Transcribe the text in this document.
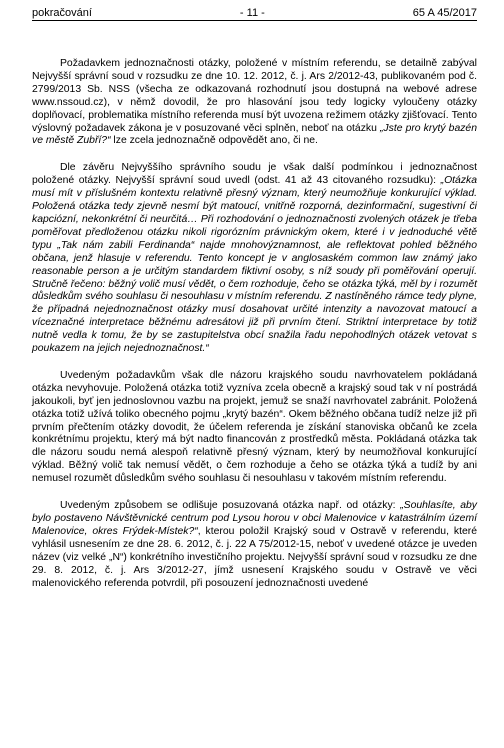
pokračování	- 11 -	65 A 45/2017

Požadavkem jednoznačnosti otázky, položené v místním referendu, se detailně zabýval Nejvyšší správní soud v rozsudku ze dne 10. 12. 2012, č. j. Ars 2/2012-43, publikovaném pod č. 2799/2013 Sb. NSS (všecha ze odkazovaná rozhodnutí jsou dostupná na webové adrese www.nssoud.cz), v němž dovodil, že pro hlasování jsou tedy logicky vyloučeny otázky doplňovací, problematika místního referenda musí být uvozena režimem otázky zjišťovací. Tento výslovný požadavek zákona je v posuzované věci splněn, neboť na otázku „Jste pro krytý bazén ve městě Zubří?“ lze zcela jednoznačně odpovědět ano, či ne.

Dle závěru Nejvyššího správního soudu je však další podmínkou i jednoznačnost položené otázky. Nejvyšší správní soud uvedl (odst. 41 až 43 citovaného rozsudku): „Otázka musí mít v příslušném kontextu relativně přesný význam, který neumožňuje konkurující výklad. Položená otázka tedy zjevně nesmí být matoucí, vnitřně rozporná, dezinformační, sugestivní či kapciózní, nekonkrétní či neurčitá… Při rozhodování o jednoznačnosti zvolených otázek je třeba poměřovat předloženou otázku nikoli rigorózním právnickým okem, které i v jednoduché větě typu „Tak nám zabili Ferdinanda“ najde mnohovýznamnost, ale reflektovat pohled běžného občana, jenž hlasuje v referendu. Tento koncept je v anglosaském common law známý jako reasonable person a je určitým standardem fiktivní osoby, s níž soudy při poměřování operují. Stručně řečeno: běžný volič musí vědět, o čem rozhoduje, čeho se otázka týká, měl by i rozumět důsledkům svého souhlasu či nesouhlasu v místním referendu. Z nastíněného rámce tedy plyne, že případná nejednoznačnost otázky musí dosahovat určité intenzity a navozovat matoucí a víceznačné interpretace běžnému adresátovi již při prvním čtení. Striktní interpretace by totiž nutně vedla k tomu, že by se zastupitelstva obcí snažila řadu nepohodlných otázek vetovat s poukazem na jejich nejednoznačnost.“

Uvedeným požadavkům však dle názoru krajského soudu navrhovatelem pokládaná otázka nevyhovuje. Položená otázka totiž vyzníva zcela obecně a krajský soud tak v ní postrádá jakoukoli, byť jen jednoslovnou vazbu na projekt, jemuž se snaží navrhovatel zabránit. Položená otázka totiž užívá toliko obecného pojmu „krytý bazén“. Okem běžného občana tudíž nelze již při prvním přečtením otázky dovodit, že účelem referenda je získání stanoviska občanů ke zcela konkrétnímu projektu, který má být nadto financován z prostředků města. Pokládaná otázka tak dle názoru soudu nemá alespoň relativně přesný význam, který by neumožňoval konkurující výklad. Běžný volič tak nemusí vědět, o čem rozhoduje a čeho se otázka týká a tudíž by ani nemusel rozumět důsledkům svého souhlasu či nesouhlasu v takovém místním referendu.

Uvedeným způsobem se odlišuje posuzovaná otázka např. od otázky: „Souhlasíte, aby bylo postaveno Návštěvnické centrum pod Lysou horou v obci Malenovice v katastrálním území Malenovice, okres Frýdek-Místek?“, kterou položil Krajský soud v Ostravě v referendu, které vyhlásil usnesením ze dne 28. 6. 2012, č. j. 22 A 75/2012-15, neboť v uvedené otázce je uveden název (viz velké „N“) konkrétního investičního projektu. Nejvyšší správní soud v rozsudku ze dne 29. 8. 2012, č. j. Ars 3/2012-27, jímž usnesení Krajského soudu v Ostravě ve věci malenovického referenda potvrdil, při posouzení jednoznačnosti uvedené
